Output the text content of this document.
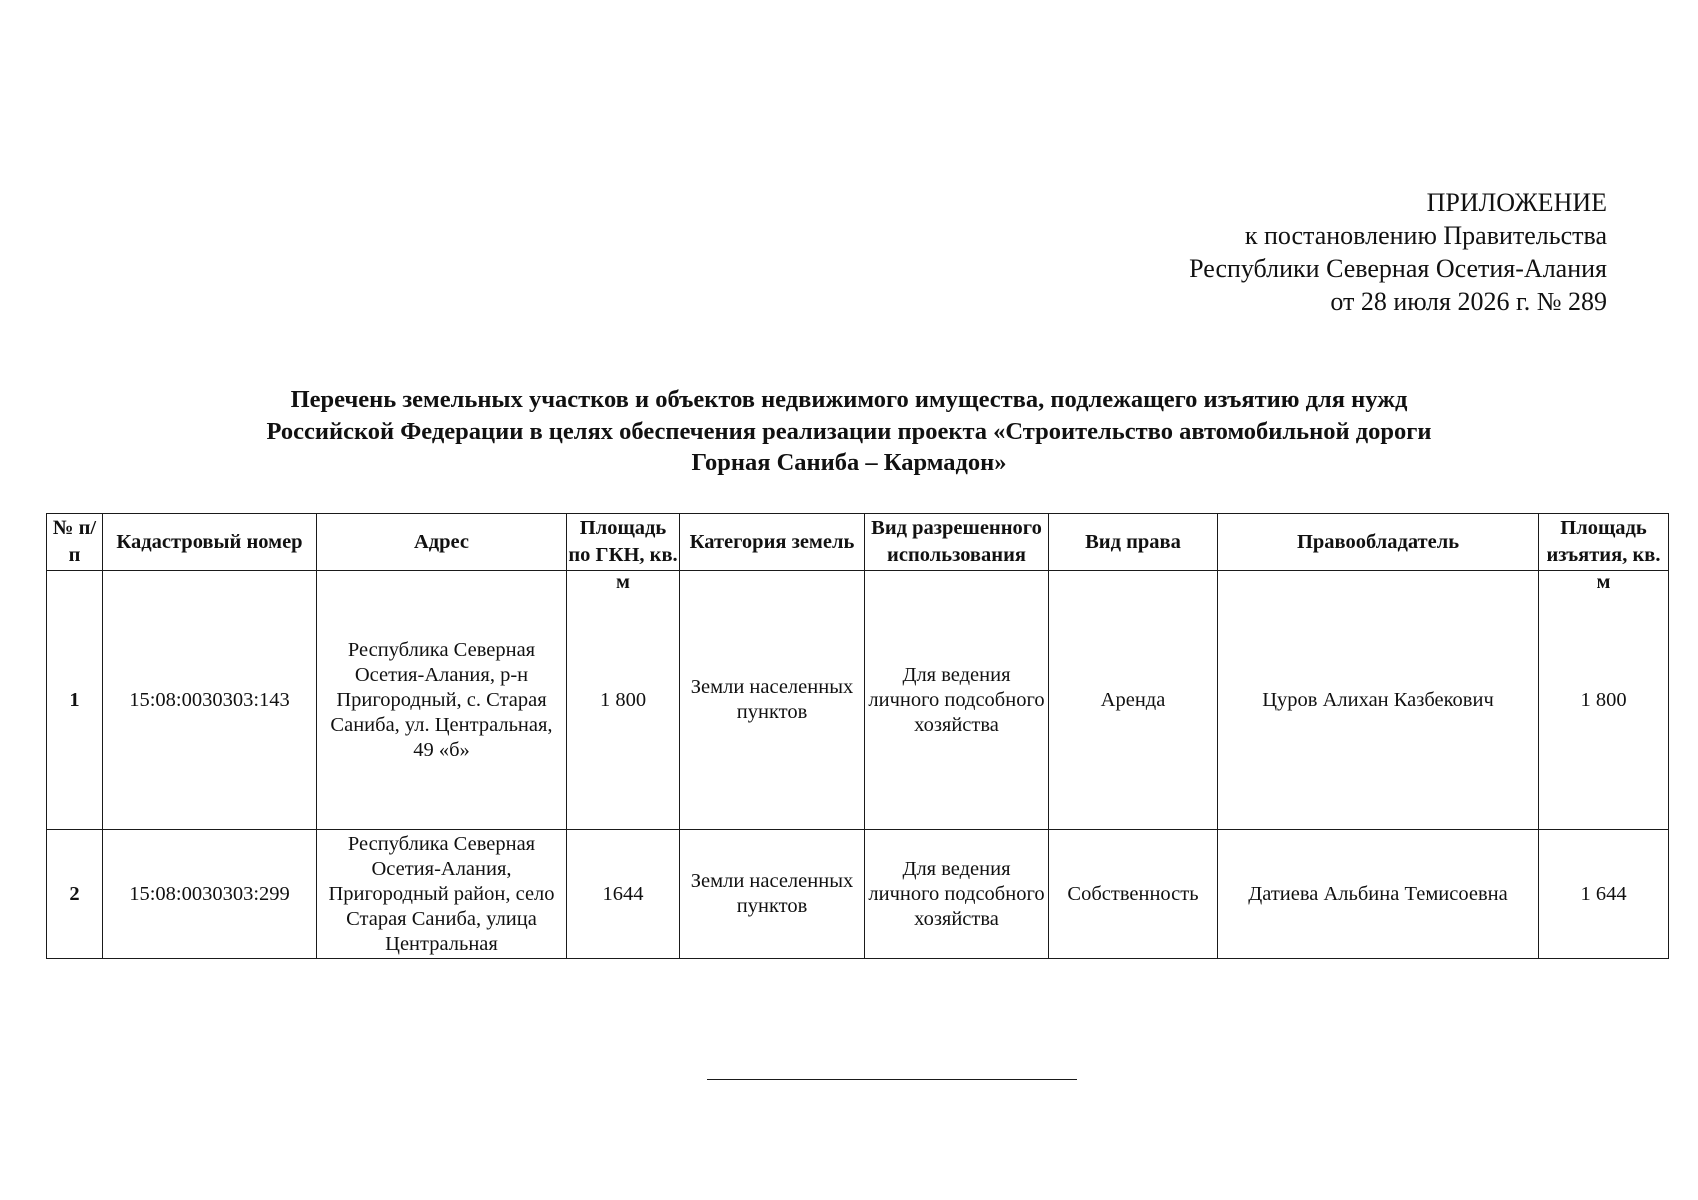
ПРИЛОЖЕНИЕ
к постановлению Правительства
Республики Северная Осетия-Алания
от 28 июля 2026 г. № 289
Перечень земельных участков и объектов недвижимого имущества, подлежащего изъятию для нужд
Российской Федерации в целях обеспечения реализации проекта «Строительство автомобильной дороги
Горная Саниба – Кармадон»
№ п/п	Кадастровый номер	Адрес	Площадь по ГКН, кв. м	Категория земель	Вид разрешенного использования	Вид права	Правообладатель	Площадь изъятия, кв. м

1	15:08:0030303:143	Республика Северная Осетия-Алания, р-н Пригородный, с. Старая Саниба, ул. Центральная, 49 «б»	1 800	Земли населенных пунктов	Для ведения личного подсобного хозяйства	Аренда	Цуров Алихан Казбекович	1 800
2	15:08:0030303:299	Республика Северная Осетия-Алания, Пригородный район, село Старая Саниба, улица Центральная	1644	Земли населенных пунктов	Для ведения личного подсобного хозяйства	Собственность	Датиева Альбина Темисоевна	1 644
